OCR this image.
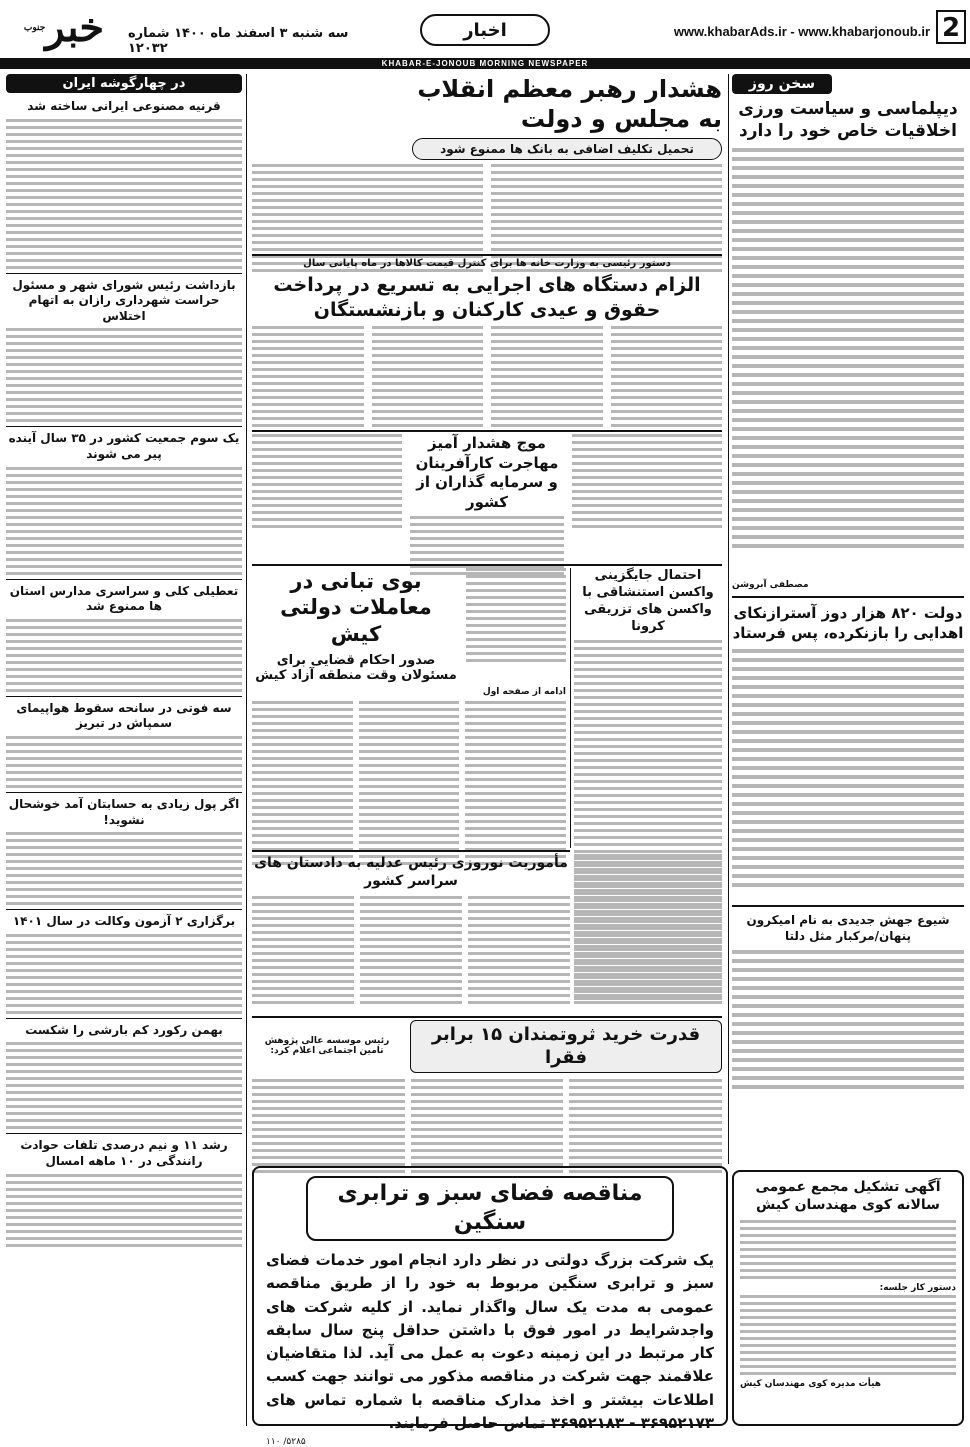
2
www.khabarAds.ir - www.khabarjonoub.ir
اخبار
خبر$^{جنوب}$	سه شنبه ۳ اسفند ماه ۱۴۰۰ شماره ۱۲۰۳۲
KHABAR-E-JONOUB MORNING NEWSPAPER
سخن روز
دیپلماسی و سیاست ورزی اخلاقیات خاص خود را دارد
مصطفی آبروشن
دولت ۸۲۰ هزار دوز آسترازنکای اهدایی را بازنکرده، پس فرستاد
شیوع جهش جدیدی به نام امیکرون پنهان/مرکبار مثل دلتا
آگهی تشکیل مجمع عمومی سالانه کوی مهندسان کیش
دستور کار جلسه:
هیأت مدیره کوی مهندسان کیش
در چهارگوشه ایران
قرنیه مصنوعی ایرانی ساخته شد
بازداشت رئیس شورای شهر و مسئول حراست شهرداری رازان به اتهام اختلاس
یک سوم جمعیت کشور در ۳۵ سال آینده پیر می شوند
تعطیلی کلی و سراسری مدارس استان ها ممنوع شد
سه فوتی در سانحه سقوط هواپیمای سمپاش در تبریز
اگر پول زیادی به حسابتان آمد خوشحال نشوید!
برگزاری ۲ آزمون وکالت در سال ۱۴۰۱
بهمن رکورد کم بارشی را شکست
رشد ۱۱ و نیم درصدی تلفات حوادث رانندگی در ۱۰ ماهه امسال
هشدار رهبر معظم انقلاب به مجلس و دولت
تحمیل تکلیف اضافی به بانک ها ممنوع شود
دستور رئیسی به وزارت خانه ها برای کنترل قیمت کالاها در ماه پایانی سال
الزام دستگاه های اجرایی به تسریع در پرداخت حقوق و عیدی کارکنان و بازنشستگان
موج هشدار آمیز مهاجرت کارآفرینان و سرمایه گذاران از کشور
احتمال جایگزینی واکسن استنشاقی با واکسن های تزریقی کرونا
بوی تبانی در معاملات دولتی کیش
صدور احکام قضایی برای مسئولان وقت منطقه آزاد کیش
ادامه از صفحه اول
مأموریت نوروزی رئیس عدلیه به دادستان های سراسر کشور
قدرت خرید ثروتمندان ۱۵ برابر فقرا
رئیس موسسه عالی پژوهش تامین اجتماعی اعلام کرد:
مناقصه فضای سبز و ترابری سنگین
یک شرکت بزرگ دولتی در نظر دارد انجام امور خدمات فضای سبز و ترابری سنگین مربوط به خود را از طریق مناقصه عمومی به مدت یک سال واگذار نماید. از کلیه شرکت های واجدشرایط در امور فوق با داشتن حداقل پنج سال سابقه کار مرتبط در این زمینه دعوت به عمل می آید. لذا متقاضیان علاقمند جهت شرکت در مناقصه مذکور می توانند جهت کسب اطلاعات بیشتر و اخذ مدارک مناقصه با شماره تماس های ۳۶۹۵۲۱۷۳ - ۳۶۹۵۲۱۸۳ تماس حاصل فرمایند.
۵۲۸۵/ ۱۱۰
